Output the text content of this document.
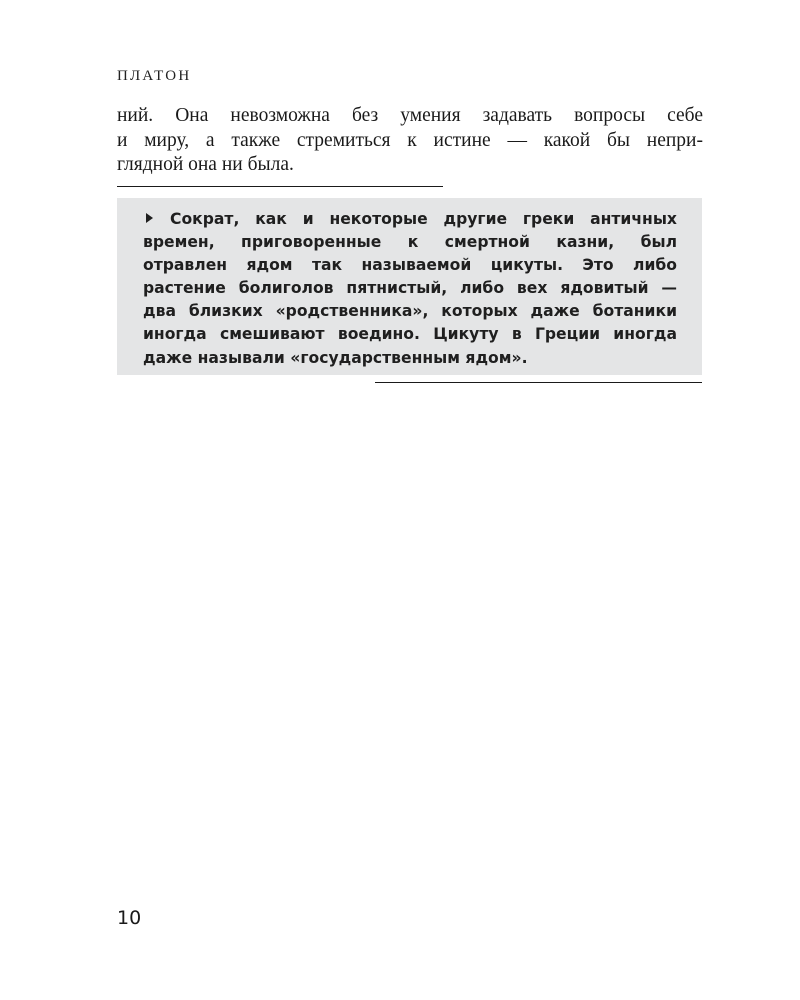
ПЛАТОН
ний. Она невозможна без умения задавать вопросы себе
и миру, а также стремиться к истине — какой бы непри-
глядной она ни была.
Сократ, как и некоторые другие греки античных
времен, приговоренные к смертной казни, был
отравлен ядом так называемой цикуты. Это либо
растение болиголов пятнистый, либо вех ядовитый —
два близких «родственника», которых даже ботаники
иногда смешивают воедино. Цикуту в Греции иногда
даже называли «государственным ядом».
10
